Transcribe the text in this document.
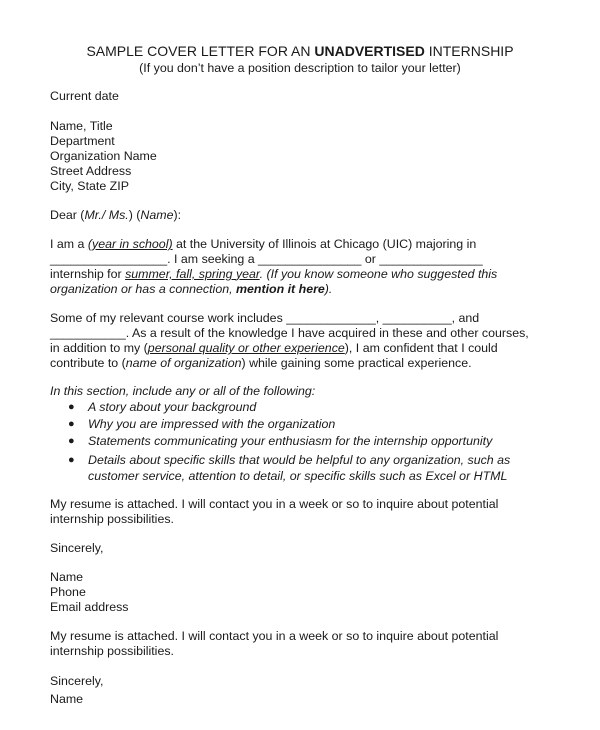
SAMPLE COVER LETTER FOR AN UNADVERTISED INTERNSHIP
(If you don’t have a position description to tailor your letter)
Current date
Name, Title
Department
Organization Name
Street Address
City, State ZIP
Dear (Mr./ Ms.) (Name):
I am a (year in school) at the University of Illinois at Chicago (UIC) majoring in
_________________. I am seeking a _______________ or _______________
internship for summer, fall, spring year. (If you know someone who suggested this
organization or has a connection, mention it here).
Some of my relevant course work includes _____________, __________, and
___________. As a result of the knowledge I have acquired in these and other courses,
in addition to my (personal quality or other experience), I am confident that I could
contribute to (name of organization) while gaining some practical experience.
In this section, include any or all of the following:
● A story about your background
● Why you are impressed with the organization
● Statements communicating your enthusiasm for the internship opportunity
● Details about specific skills that would be helpful to any organization, such as
customer service, attention to detail, or specific skills such as Excel or HTML
My resume is attached. I will contact you in a week or so to inquire about potential
internship possibilities.
Sincerely,
Name
Phone
Email address
My resume is attached. I will contact you in a week or so to inquire about potential
internship possibilities.
Sincerely,
Name
